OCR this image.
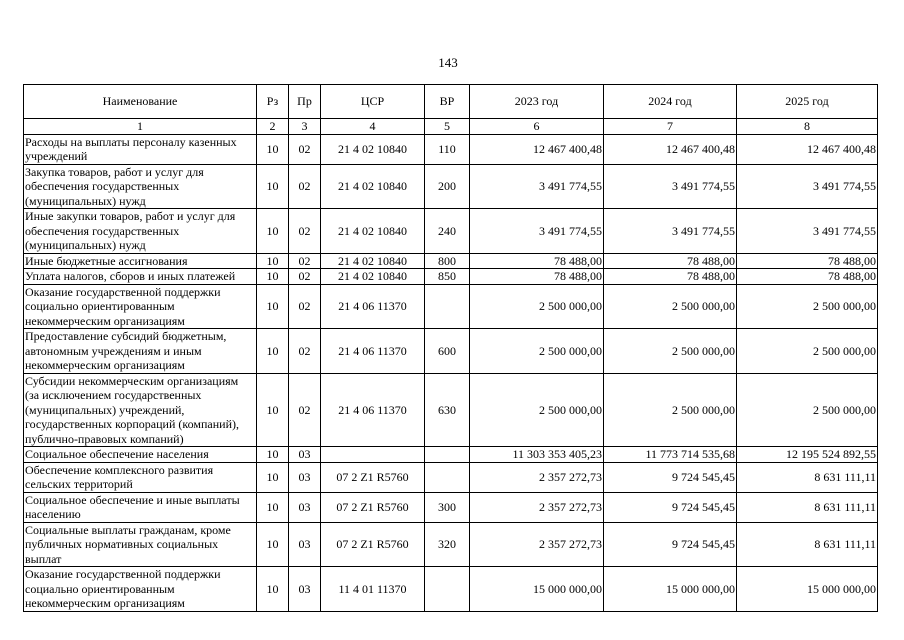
143
Наименование	Рз	Пр	ЦСР	ВР	2023 год	2024 год	2025 год
1	2	3	4	5	6	7	8
Расходы на выплаты персоналу казенных учреждений	10	02	21 4 02 10840	110	12 467 400,48	12 467 400,48	12 467 400,48
Закупка товаров, работ и услуг для обеспечения государственных (муниципальных) нужд	10	02	21 4 02 10840	200	3 491 774,55	3 491 774,55	3 491 774,55
Иные закупки товаров, работ и услуг для обеспечения государственных (муниципальных) нужд	10	02	21 4 02 10840	240	3 491 774,55	3 491 774,55	3 491 774,55
Иные бюджетные ассигнования	10	02	21 4 02 10840	800	78 488,00	78 488,00	78 488,00
Уплата налогов, сборов и иных платежей	10	02	21 4 02 10840	850	78 488,00	78 488,00	78 488,00
Оказание государственной поддержки социально ориентированным некоммерческим организациям	10	02	21 4 06 11370		2 500 000,00	2 500 000,00	2 500 000,00
Предоставление субсидий бюджетным, автономным учреждениям и иным некоммерческим организациям	10	02	21 4 06 11370	600	2 500 000,00	2 500 000,00	2 500 000,00
Субсидии некоммерческим организациям (за исключением государственных (муниципальных) учреждений, государственных корпораций (компаний), публично-правовых компаний)	10	02	21 4 06 11370	630	2 500 000,00	2 500 000,00	2 500 000,00
Социальное обеспечение населения	10	03			11 303 353 405,23	11 773 714 535,68	12 195 524 892,55
Обеспечение комплексного развития сельских территорий	10	03	07 2 Z1 R5760		2 357 272,73	9 724 545,45	8 631 111,11
Социальное обеспечение и иные выплаты населению	10	03	07 2 Z1 R5760	300	2 357 272,73	9 724 545,45	8 631 111,11
Социальные выплаты гражданам, кроме публичных нормативных социальных выплат	10	03	07 2 Z1 R5760	320	2 357 272,73	9 724 545,45	8 631 111,11
Оказание государственной поддержки социально ориентированным некоммерческим организациям	10	03	11 4 01 11370		15 000 000,00	15 000 000,00	15 000 000,00
